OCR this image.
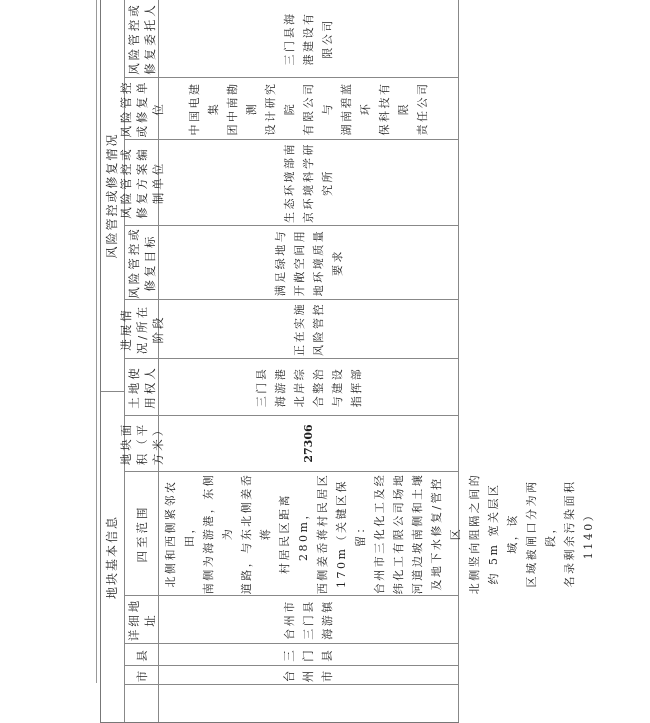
地块基本信息
风险管控或修复情况
市
县
详细地址
四至范围
地块面积（平方米）
土地使用权人
进展情况/所在阶段
风险管控或修复目标
风险管控或修复方案编制单位
风险管控或修复单位
风险管控或修复委托人
台州市
三门县
台州市 三门县 海游镇
北侧和西侧紧邻农田， 南侧为海游港，东侧为 道路，与东北侧姜岙蒋 村居民区距离 280m， 西侧姜岙蒋村民居区 170m（关键区保留： 台州市三化化工及经 纬化工有限公司场地 河道边坡南侧和土壤 及地下水修复/管控区 北侧竖向阻隔之间的 约 5m 宽关层区域，该 区域被闸口分为两段， 名录剩余污染面积 1140）
27306
三门县 海游港 北岸综 合整治 与建设 指挥部
正在实施 风险管控
满足绿地与 开敞空间用 地环境质量 要求
生态环境部南 京环境科学研 究所
中国电建集 团中南勘测 设计研究院 有限公司与 湖南碧蓝环 保科技有限 责任公司
三门县海 港建设有 限公司
